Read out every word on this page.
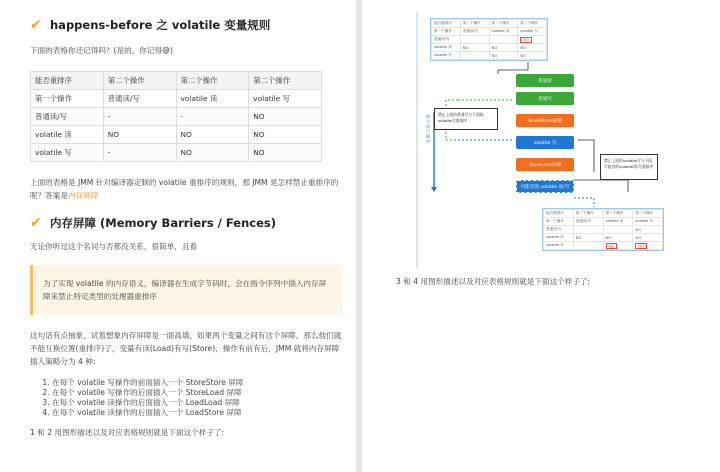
✔ happens-before 之 volatile 变量规则

下面的表格你还记得吗？(是的，你记得😅)

能否重排序	第二个操作	第二个操作	第二个操作
第一个操作	普通读/写	volatile 读	volatile 写
普通读/写	-	-	NO
volatile 读	NO	NO	NO
volatile 写	-	NO	NO

上面的表格是 JMM 针对编译器定制的 volatile 重排序的规则，那 JMM 是怎样禁止重排序的呢？答案是内存屏障

✔ 内存屏障 (Memory Barriers / Fences)

无论你听过这个名词与否都没关系，很简单，且看

为了实现 volatile 的内存语义，编译器在生成字节码时，会在指令序列中插入内存屏障来禁止特定类型的处理器重排序

这句话有点抽象，试着想象内存屏障是一面高墙，如果两个变量之间有这个屏障，那么他们就不能互换位置(重排序)了，变量有读(Load)有写(Store)，操作有前有后，JMM 就将内存屏障插入策略分为 4 种:

1. 在每个 volatile 写操作的前面插入一个 StoreStore 屏障
2. 在每个 volatile 写操作的后面插入一个 StoreLoad 屏障
3. 在每个 volatile 读操作的后面插入一个 LoadLoad 屏障
4. 在每个 volatile 读操作的后面插入一个 LoadStore 屏障

1 和 2 用图形描述以及对应表格规则就是下面这个样子了:

能否重排序	第二个操作	第二个操作	第二个操作
第一个操作	普通读/写	volatile 读	volatile 写
普通读/写			NO
volatile 读	NO	NO	NO
volatile 写		NO	NO
指令执行顺序
普通读
普通写
StoreStore屏障
volatile 写
StoreLoad屏障
可能有的 volatile 读/写
禁止上面的普通写与下面的volatile写重排序
禁止上面的volatile写与下面可能有的volatile读/写重排序
能否重排序	第二个操作	第二个操作	第二个操作
第一个操作	普通读/写	volatile 读	volatile 写
普通读/写			NO
volatile 读	NO	NO	NO
volatile 写		NO	NO
3 和 4 用图形描述以及对应表格规则就是下面这个样子了:
